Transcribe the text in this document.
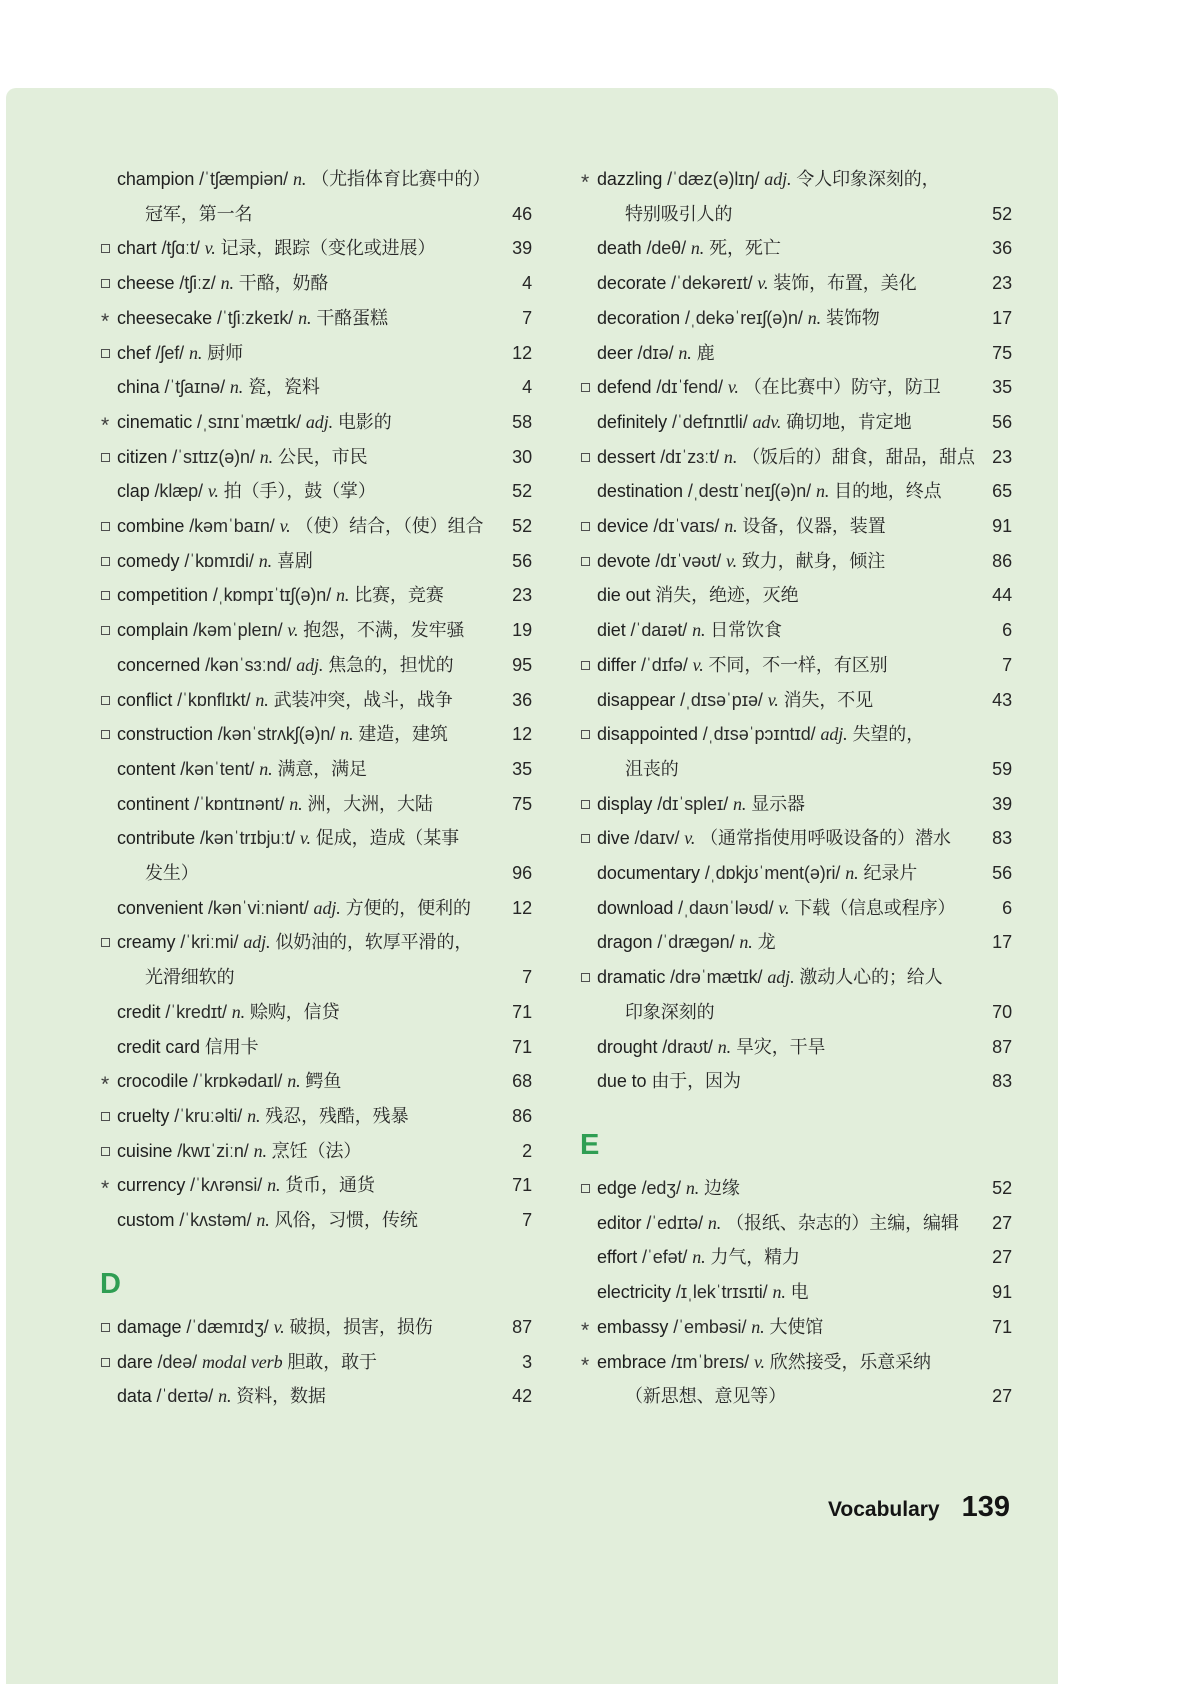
champion /ˈtʃæmpiən/ n. （尤指体育比赛中的）
冠军，第一名	46
chart /tʃɑːt/ v. 记录，跟踪（变化或进展）	39
cheese /tʃiːz/ n. 干酪，奶酪	4
*
cheesecake /ˈtʃiːzkeɪk/ n. 干酪蛋糕	7
chef /ʃef/ n. 厨师	12
china /ˈtʃaɪnə/ n. 瓷，瓷料	4
*
cinematic /ˌsɪnɪˈmætɪk/ adj. 电影的	58
citizen /ˈsɪtɪz(ə)n/ n. 公民，市民	30
clap /klæp/ v. 拍（手），鼓（掌）	52
combine /kəmˈbaɪn/ v. （使）结合，（使）组合	52
comedy /ˈkɒmɪdi/ n. 喜剧	56
competition /ˌkɒmpɪˈtɪʃ(ə)n/ n. 比赛，竞赛	23
complain /kəmˈpleɪn/ v. 抱怨，不满，发牢骚	19
concerned /kənˈsɜːnd/ adj. 焦急的，担忧的	95
conflict /ˈkɒnflɪkt/ n. 武装冲突，战斗，战争	36
construction /kənˈstrʌkʃ(ə)n/ n. 建造，建筑	12
content /kənˈtent/ n. 满意，满足	35
continent /ˈkɒntɪnənt/ n. 洲，大洲，大陆	75
contribute /kənˈtrɪbjuːt/ v. 促成，造成（某事
发生）	96
convenient /kənˈviːniənt/ adj. 方便的，便利的	12
creamy /ˈkriːmi/ adj. 似奶油的，软厚平滑的，
光滑细软的	7
credit /ˈkredɪt/ n. 赊购，信贷	71
credit card 信用卡	71
*
crocodile /ˈkrɒkədaɪl/ n. 鳄鱼	68
cruelty /ˈkruːəlti/ n. 残忍，残酷，残暴	86
cuisine /kwɪˈziːn/ n. 烹饪（法）	2
*
currency /ˈkʌrənsi/ n. 货币，通货	71
custom /ˈkʌstəm/ n. 风俗，习惯，传统	7
D
damage /ˈdæmɪdʒ/ v. 破损，损害，损伤	87
dare /deə/ modal verb 胆敢，敢于	3
data /ˈdeɪtə/ n. 资料，数据	42
*
dazzling /ˈdæz(ə)lɪŋ/ adj. 令人印象深刻的，
特别吸引人的	52
death /deθ/ n. 死，死亡	36
decorate /ˈdekəreɪt/ v. 装饰，布置，美化	23
decoration /ˌdekəˈreɪʃ(ə)n/ n. 装饰物	17
deer /dɪə/ n. 鹿	75
defend /dɪˈfend/ v. （在比赛中）防守，防卫	35
definitely /ˈdefɪnɪtli/ adv. 确切地，肯定地	56
dessert /dɪˈzɜːt/ n. （饭后的）甜食，甜品，甜点 23
destination /ˌdestɪˈneɪʃ(ə)n/ n. 目的地，终点	65
device /dɪˈvaɪs/ n. 设备，仪器，装置	91
devote /dɪˈvəʊt/ v. 致力，献身，倾注	86
die out 消失，绝迹，灭绝	44
diet /ˈdaɪət/ n. 日常饮食	6
differ /ˈdɪfə/ v. 不同，不一样，有区别	7
disappear /ˌdɪsəˈpɪə/ v. 消失，不见	43
disappointed /ˌdɪsəˈpɔɪntɪd/ adj. 失望的，
沮丧的	59
display /dɪˈspleɪ/ n. 显示器	39
dive /daɪv/ v. （通常指使用呼吸设备的）潜水	83
documentary /ˌdɒkjʊˈment(ə)ri/ n. 纪录片	56
download /ˌdaʊnˈləʊd/ v. 下载（信息或程序）	6
dragon /ˈdrægən/ n. 龙	17
dramatic /drəˈmætɪk/ adj. 激动人心的；给人
印象深刻的	70
drought /draʊt/ n. 旱灾，干旱	87
due to 由于，因为	83
E
edge /edʒ/ n. 边缘	52
editor /ˈedɪtə/ n. （报纸、杂志的）主编，编辑	27
effort /ˈefət/ n. 力气，精力	27
electricity /ɪˌlekˈtrɪsɪti/ n. 电	91
*
embassy /ˈembəsi/ n. 大使馆	71
*
embrace /ɪmˈbreɪs/ v. 欣然接受，乐意采纳
（新思想、意见等）	27
Vocabulary 139
